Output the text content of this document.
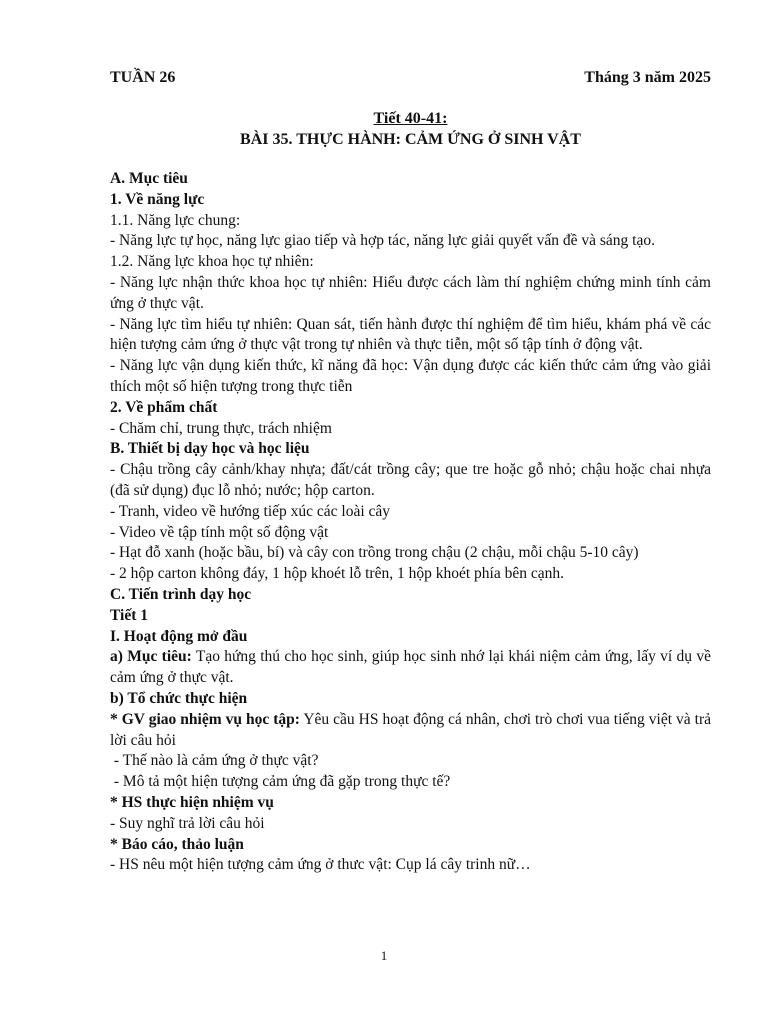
TUẦN 26	Tháng 3 năm 2025
Tiết 40-41:
BÀI 35. THỰC HÀNH: CẢM ỨNG Ở SINH VẬT

A. Mục tiêu

1. Về năng lực

1.1. Năng lực chung:

- Năng lực tự học, năng lực giao tiếp và hợp tác, năng lực giải quyết vấn đề và sáng tạo.

1.2. Năng lực khoa học tự nhiên:

- Năng lực nhận thức khoa học tự nhiên: Hiểu được cách làm thí nghiệm chứng minh tính cảm ứng ở thực vật.

- Năng lực tìm hiểu tự nhiên: Quan sát, tiến hành được thí nghiệm để tìm hiểu, khám phá về các hiện tượng cảm ứng ở thực vật trong tự nhiên và thực tiễn, một số tập tính ở động vật.

- Năng lực vận dụng kiến thức, kĩ năng đã học: Vận dụng được các kiến thức cảm ứng vào giải thích một số hiện tượng trong thực tiễn

2. Về phẩm chất

- Chăm chỉ, trung thực, trách nhiệm

B. Thiết bị dạy học và học liệu

- Chậu trồng cây cảnh/khay nhựa; đất/cát trồng cây; que tre hoặc gỗ nhỏ; chậu hoặc chai nhựa (đã sử dụng) đục lỗ nhỏ; nước; hộp carton.

- Tranh, video về hướng tiếp xúc các loài cây

- Video về tập tính một số động vật

- Hạt đỗ xanh (hoặc bầu, bí) và cây con trồng trong chậu (2 chậu, mỗi chậu 5-10 cây)

- 2 hộp carton không đáy, 1 hộp khoét lỗ trên, 1 hộp khoét phía bên cạnh.

C. Tiến trình dạy học

Tiết 1

I. Hoạt động mở đầu

a) Mục tiêu: Tạo hứng thú cho học sinh, giúp học sinh nhớ lại khái niệm cảm ứng, lấy ví dụ về cảm ứng ở thực vật.

b) Tổ chức thực hiện

* GV giao nhiệm vụ học tập: Yêu cầu HS hoạt động cá nhân, chơi trò chơi vua tiếng việt và trả lời câu hỏi

- Thế nào là cảm ứng ở thực vật?

- Mô tả một hiện tượng cảm ứng đã gặp trong thực tế?

* HS thực hiện nhiệm vụ

- Suy nghĩ trả lời câu hỏi

* Báo cáo, thảo luận

- HS nêu một hiện tượng cảm ứng ở thưc vật: Cụp lá cây trinh nữ…

1
